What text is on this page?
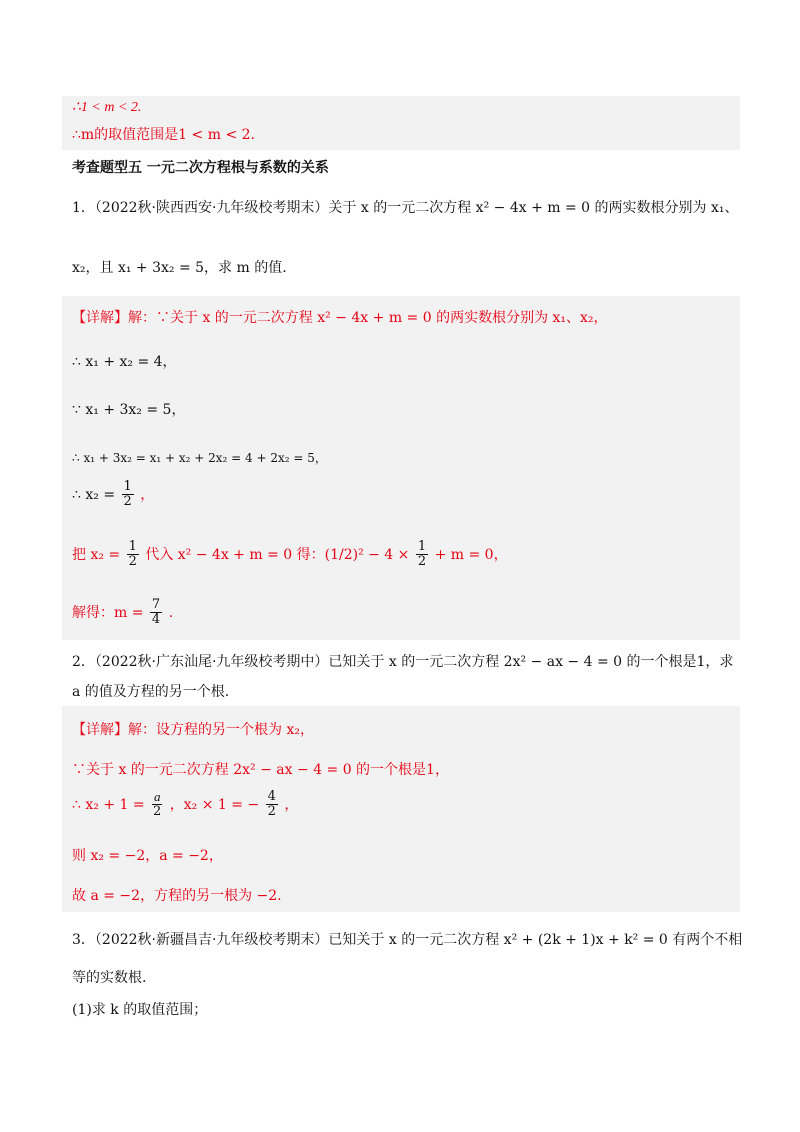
∴1 < m < 2.
∴m的取值范围是1 < m < 2.
考查题型五 一元二次方程根与系数的关系
1．（2022秋·陕西西安·九年级校考期末）关于 x 的一元二次方程 x² − 4x + m = 0 的两实数根分别为 x₁、
x₂，且 x₁ + 3x₂ = 5，求 m 的值.
【详解】解：∵关于 x 的一元二次方程 x² − 4x + m = 0 的两实数根分别为 x₁、x₂，
∴ x₁ + x₂ = 4，
∵ x₁ + 3x₂ = 5，
∴ x₁ + 3x₂ = x₁ + x₂ + 2x₂ = 4 + 2x₂ = 5，
∴ $x_2 = \frac{1}{2}$ ，
把 $x_2 = \frac{1}{2}$ 代入 x² − 4x + m = 0 得：$(1/2)^2 - 4 \times \frac{1}{2} + m = 0$，
解得：$m = \frac{7}{4}$ .
2．（2022秋·广东汕尾·九年级校考期中）已知关于 x 的一元二次方程 2x² − ax − 4 = 0 的一个根是1，求
a 的值及方程的另一个根.
【详解】解：设方程的另一个根为 x₂，
∵关于 x 的一元二次方程 2x² − ax − 4 = 0 的一个根是1，
∴ $x_2 + 1 = \frac{a}{2}$ ，x₂ × 1 = − $\frac{4}{2}$ ，
则 x₂ = −2，a = −2，
故 a = −2，方程的另一根为 −2.
3．（2022秋·新疆昌吉·九年级校考期末）已知关于 x 的一元二次方程 x² + (2k + 1)x + k² = 0 有两个不相
等的实数根.
(1)求 k 的取值范围；
